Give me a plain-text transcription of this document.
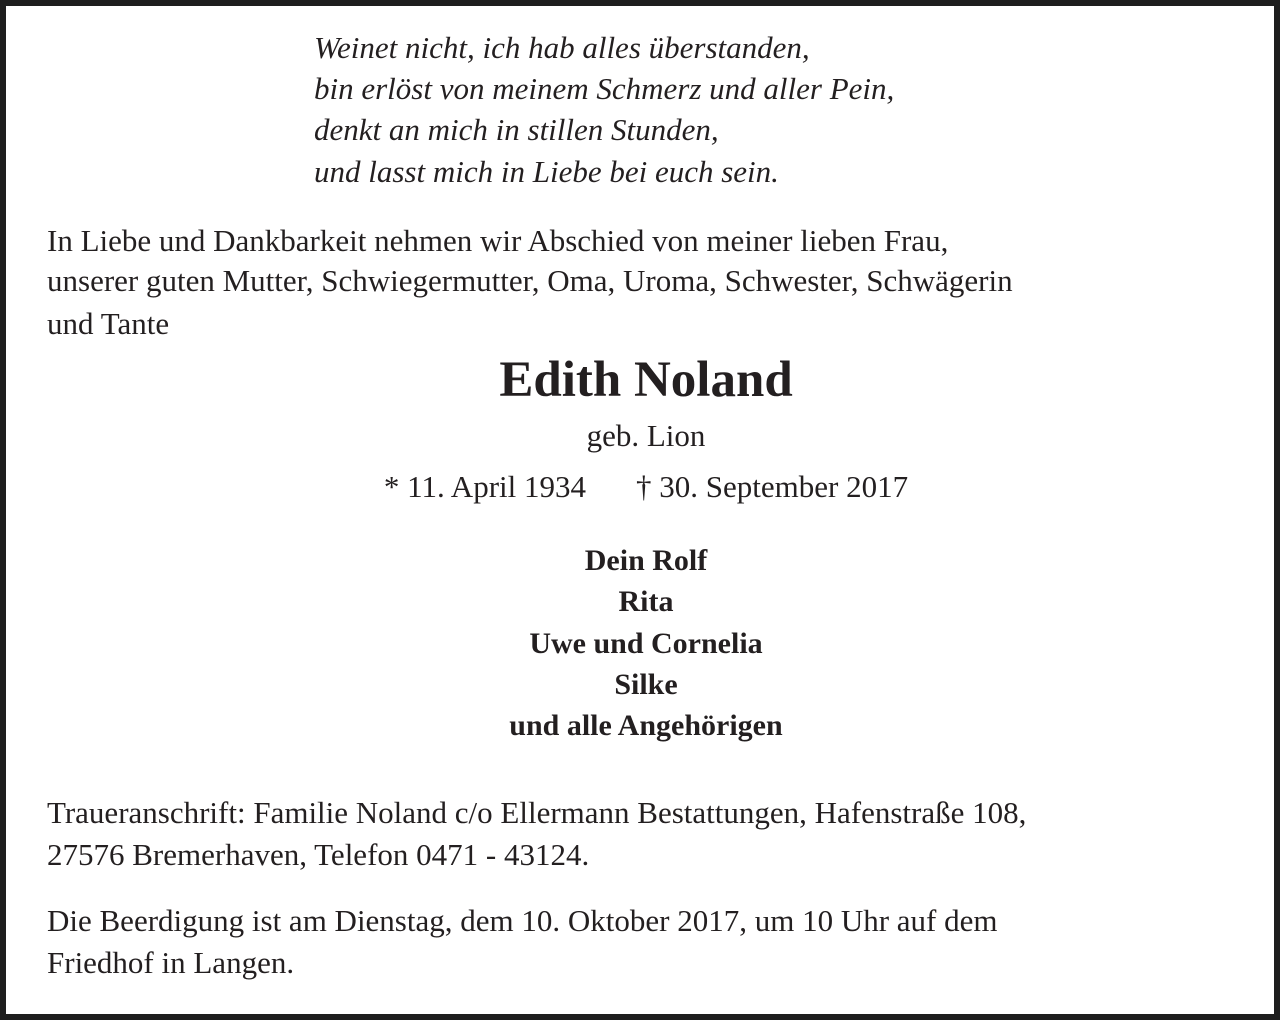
Weinet nicht, ich hab alles überstanden,

bin erlöst von meinem Schmerz und aller Pein,

denkt an mich in stillen Stunden,

und lasst mich in Liebe bei euch sein.

In Liebe und Dankbarkeit nehmen wir Abschied von meiner lieben Frau,

unserer guten Mutter, Schwiegermutter, Oma, Uroma, Schwester, Schwägerin

und Tante

Edith Noland

geb. Lion

* 11. April 1934 † 30. September 2017

Dein Rolf

Rita

Uwe und Cornelia

Silke

und alle Angehörigen

Traueranschrift: Familie Noland c/o Ellermann Bestattungen, Hafenstraße 108,

27576 Bremerhaven, Telefon 0471 - 43124.

Die Beerdigung ist am Dienstag, dem 10. Oktober 2017, um 10 Uhr auf dem

Friedhof in Langen.
